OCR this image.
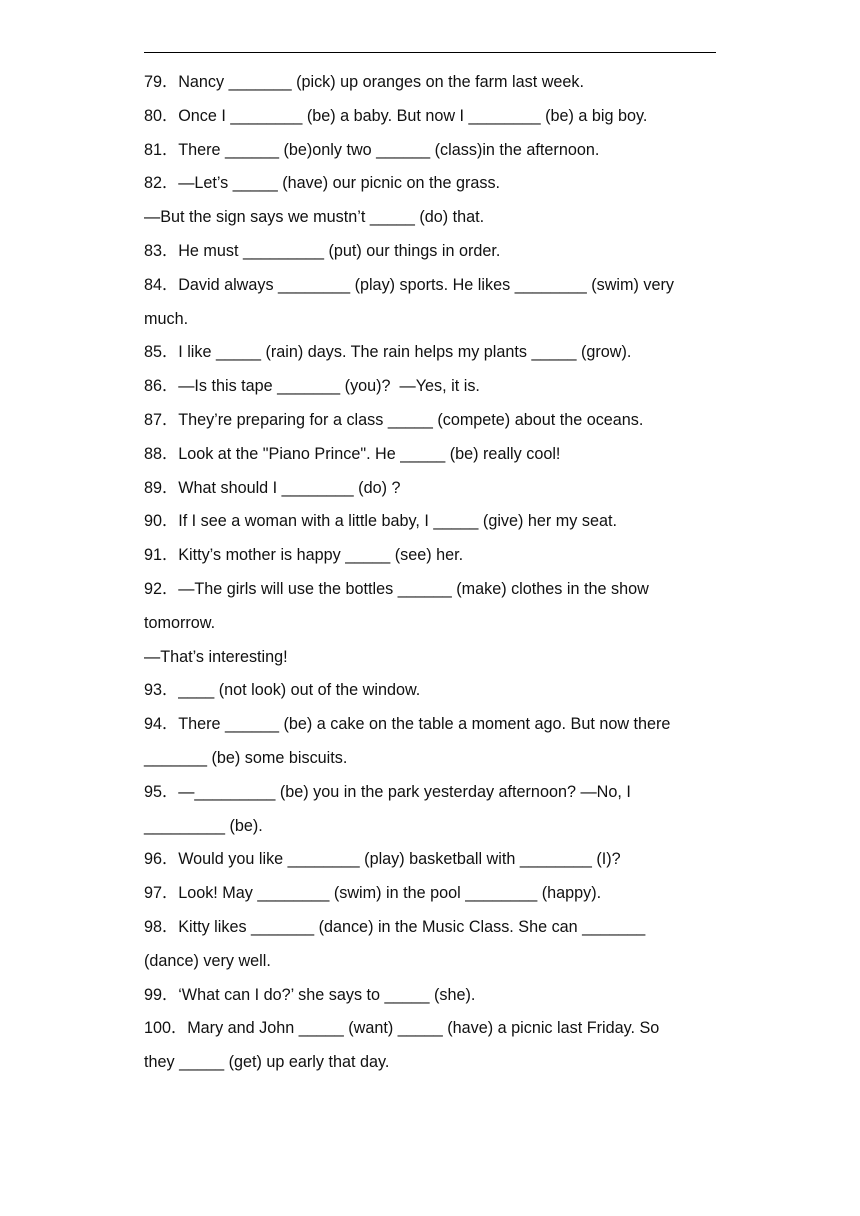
79．Nancy _______ (pick) up oranges on the farm last week.
80．Once I ________ (be) a baby. But now I ________ (be) a big boy.
81．There ______ (be)only two ______ (class)in the afternoon.
82．—Let’s _____ (have) our picnic on the grass.
—But the sign says we mustn’t _____ (do) that.
83．He must _________ (put) our things in order.
84．David always ________ (play) sports. He likes ________ (swim) very
much.
85．I like _____ (rain) days. The rain helps my plants _____ (grow).
86．—Is this tape _______ (you)?  —Yes, it is.
87．They’re preparing for a class _____ (compete) about the oceans.
88．Look at the "Piano Prince". He _____ (be) really cool!
89．What should I ________ (do) ?
90．If I see a woman with a little baby, I _____ (give) her my seat.
91．Kitty’s mother is happy _____ (see) her.
92．—The girls will use the bottles ______ (make) clothes in the show
tomorrow.
—That’s interesting!
93．____ (not look) out of the window.
94．There ______ (be) a cake on the table a moment ago. But now there
_______ (be) some biscuits.
95．—_________ (be) you in the park yesterday afternoon? —No, I
_________ (be).
96．Would you like ________ (play) basketball with ________ (I)?
97．Look! May ________ (swim) in the pool ________ (happy).
98．Kitty likes _______ (dance) in the Music Class. She can _______
(dance) very well.
99．‘What can I do?’ she says to _____ (she).
100．Mary and John _____ (want) _____ (have) a picnic last Friday. So
they _____ (get) up early that day.
